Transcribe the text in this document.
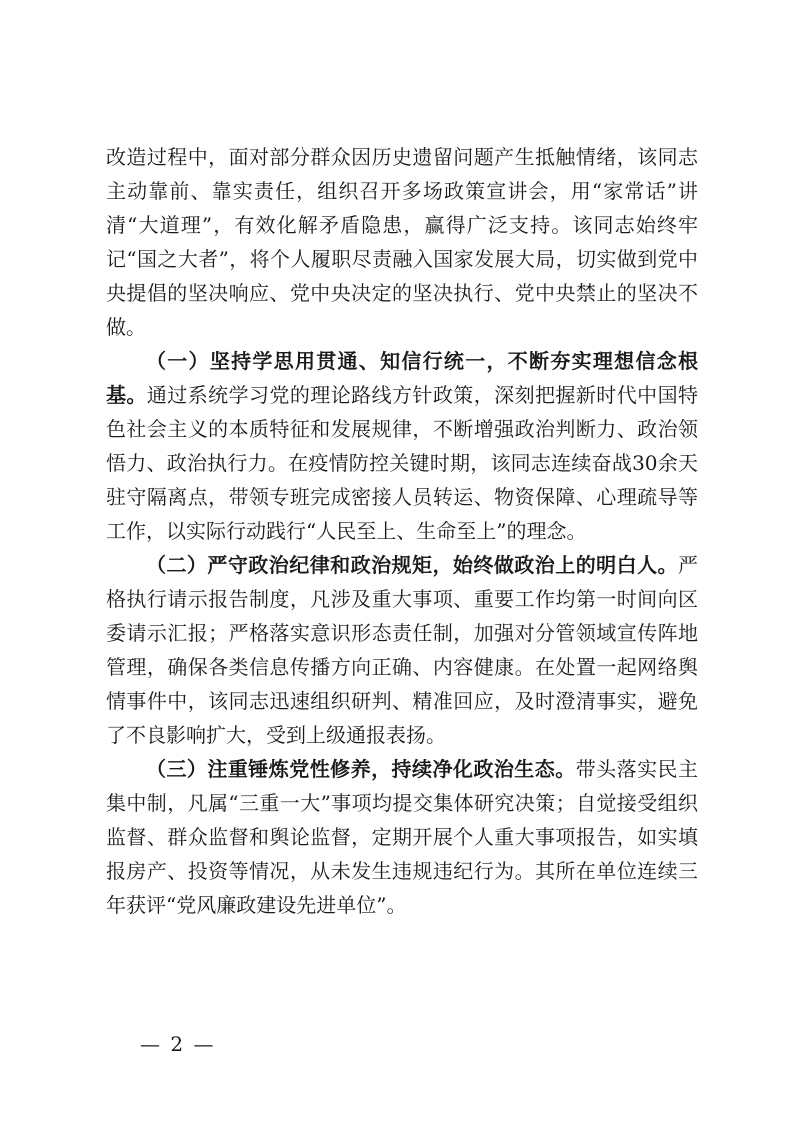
改造过程中，面对部分群众因历史遗留问题产生抵触情绪，该同志主动靠前、靠实责任，组织召开多场政策宣讲会，用“家常话”讲清“大道理”，有效化解矛盾隐患，赢得广泛支持。该同志始终牢记“国之大者”，将个人履职尽责融入国家发展大局，切实做到党中央提倡的坚决响应、党中央决定的坚决执行、党中央禁止的坚决不做。

（一）坚持学思用贯通、知信行统一，不断夯实理想信念根基。通过系统学习党的理论路线方针政策，深刻把握新时代中国特色社会主义的本质特征和发展规律，不断增强政治判断力、政治领悟力、政治执行力。在疫情防控关键时期，该同志连续奋战30余天驻守隔离点，带领专班完成密接人员转运、物资保障、心理疏导等工作，以实际行动践行“人民至上、生命至上”的理念。

（二）严守政治纪律和政治规矩，始终做政治上的明白人。严格执行请示报告制度，凡涉及重大事项、重要工作均第一时间向区委请示汇报；严格落实意识形态责任制，加强对分管领域宣传阵地管理，确保各类信息传播方向正确、内容健康。在处置一起网络舆情事件中，该同志迅速组织研判、精准回应，及时澄清事实，避免了不良影响扩大，受到上级通报表扬。

（三）注重锤炼党性修养，持续净化政治生态。带头落实民主集中制，凡属“三重一大”事项均提交集体研究决策；自觉接受组织监督、群众监督和舆论监督，定期开展个人重大事项报告，如实填报房产、投资等情况，从未发生违规违纪行为。其所在单位连续三年获评“党风廉政建设先进单位”。

— 2 —
